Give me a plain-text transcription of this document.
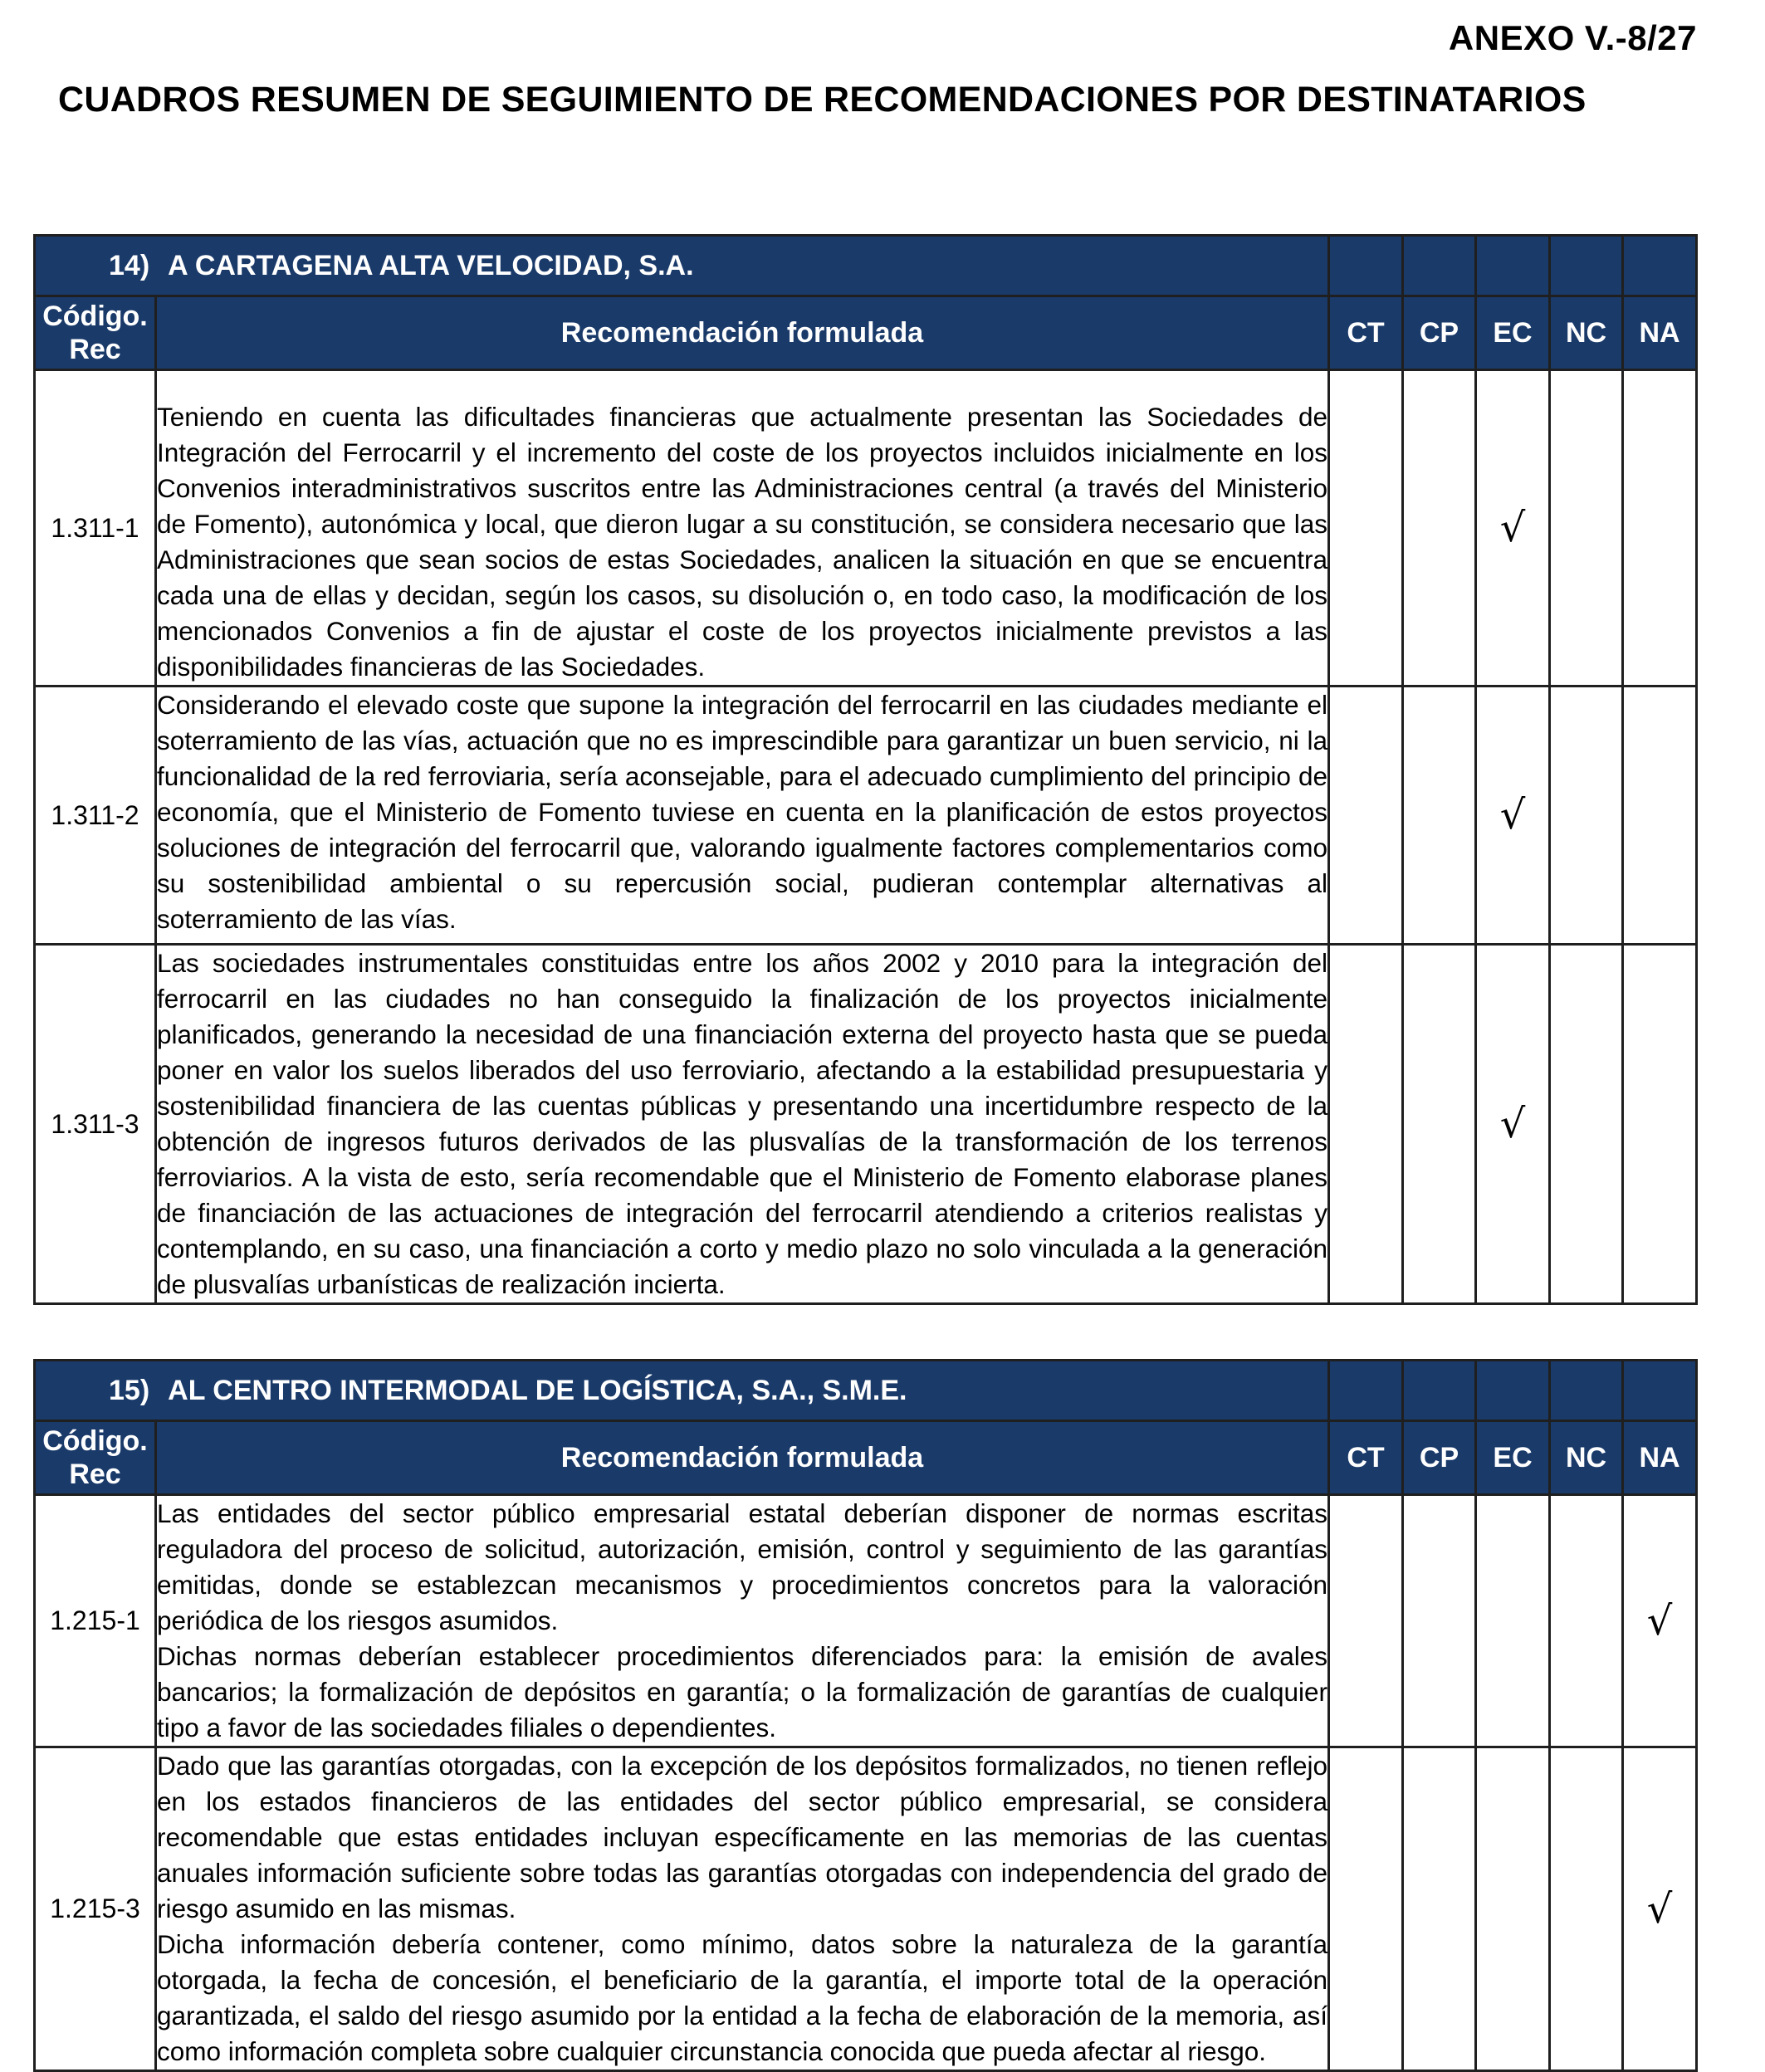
ANEXO V.-8/27
CUADROS RESUMEN DE SEGUIMIENTO DE RECOMENDACIONES POR DESTINATARIOS
14) A CARTAGENA ALTA VELOCIDAD, S.A.						
Código. Rec	Recomendación formulada	CT	CP	EC	NC	NA
1.311-1	Teniendo en cuenta las dificultades financieras que actualmente presentan las Sociedades de Integración del Ferrocarril y el incremento del coste de los proyectos incluidos inicialmente en los Convenios interadministrativos suscritos entre las Administraciones central (a través del Ministerio de Fomento), autonómica y local, que dieron lugar a su constitución, se considera necesario que las Administraciones que sean socios de estas Sociedades, analicen la situación en que se encuentra cada una de ellas y decidan, según los casos, su disolución o, en todo caso, la modificación de los mencionados Convenios a fin de ajustar el coste de los proyectos inicialmente previstos a las disponibilidades financieras de las Sociedades.			√		
1.311-2	Considerando el elevado coste que supone la integración del ferrocarril en las ciudades mediante el soterramiento de las vías, actuación que no es imprescindible para garantizar un buen servicio, ni la funcionalidad de la red ferroviaria, sería aconsejable, para el adecuado cumplimiento del principio de economía, que el Ministerio de Fomento tuviese en cuenta en la planificación de estos proyectos soluciones de integración del ferrocarril que, valorando igualmente factores complementarios como su sostenibilidad ambiental o su repercusión social, pudieran contemplar alternativas al soterramiento de las vías.			√		
1.311-3	Las sociedades instrumentales constituidas entre los años 2002 y 2010 para la integración del ferrocarril en las ciudades no han conseguido la finalización de los proyectos inicialmente planificados, generando la necesidad de una financiación externa del proyecto hasta que se pueda poner en valor los suelos liberados del uso ferroviario, afectando a la estabilidad presupuestaria y sostenibilidad financiera de las cuentas públicas y presentando una incertidumbre respecto de la obtención de ingresos futuros derivados de las plusvalías de la transformación de los terrenos ferroviarios. A la vista de esto, sería recomendable que el Ministerio de Fomento elaborase planes de financiación de las actuaciones de integración del ferrocarril atendiendo a criterios realistas y contemplando, en su caso, una financiación a corto y medio plazo no solo vinculada a la generación de plusvalías urbanísticas de realización incierta.			√		
15) AL CENTRO INTERMODAL DE LOGÍSTICA, S.A., S.M.E.						
Código. Rec	Recomendación formulada	CT	CP	EC	NC	NA
1.215-1	Las entidades del sector público empresarial estatal deberían disponer de normas escritas reguladora del proceso de solicitud, autorización, emisión, control y seguimiento de las garantías emitidas, donde se establezcan mecanismos y procedimientos concretos para la valoración periódica de los riesgos asumidos.
Dichas normas deberían establecer procedimientos diferenciados para: la emisión de avales bancarios; la formalización de depósitos en garantía; o la formalización de garantías de cualquier tipo a favor de las sociedades filiales o dependientes.					√
1.215-3	Dado que las garantías otorgadas, con la excepción de los depósitos formalizados, no tienen reflejo en los estados financieros de las entidades del sector público empresarial, se considera recomendable que estas entidades incluyan específicamente en las memorias de las cuentas anuales información suficiente sobre todas las garantías otorgadas con independencia del grado de riesgo asumido en las mismas.
Dicha información debería contener, como mínimo, datos sobre la naturaleza de la garantía otorgada, la fecha de concesión, el beneficiario de la garantía, el importe total de la operación garantizada, el saldo del riesgo asumido por la entidad a la fecha de elaboración de la memoria, así como información completa sobre cualquier circunstancia conocida que pueda afectar al riesgo.					√
